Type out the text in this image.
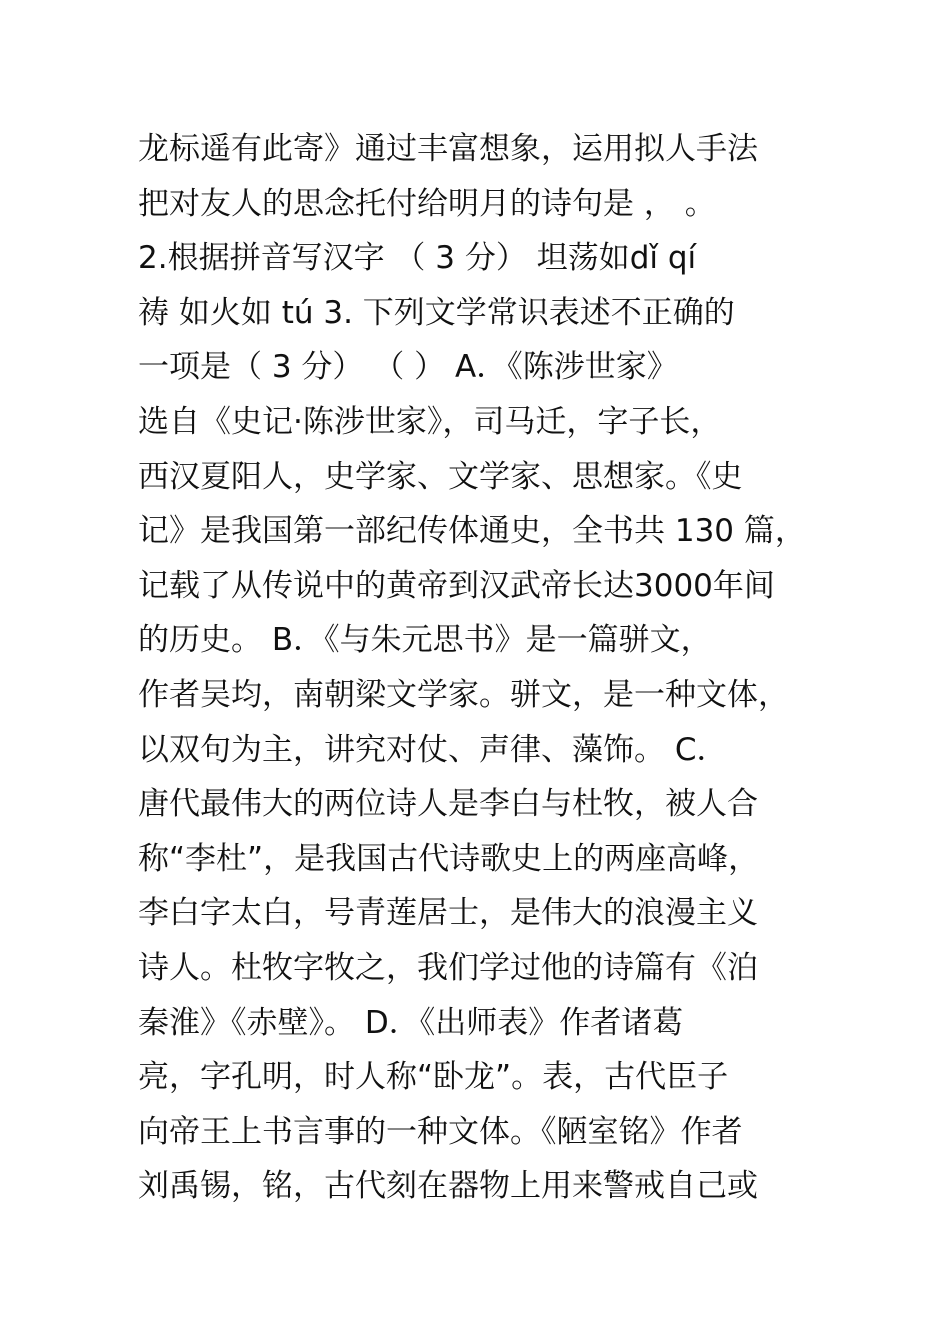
龙标遥有此寄》通过丰富想象，运用拟人手法
把对友人的思念托付给明月的诗句是 ， 。
2.根据拼音写汉字 （ 3 分） 坦荡如dǐ qí
祷 如火如 tú 3. 下列文学常识表述不正确的
一项是（ 3 分） （ ） A．《陈涉世家》
选自《史记·陈涉世家》，司马迁，字子长，
西汉夏阳人，史学家、文学家、思想家。《史
记》是我国第一部纪传体通史，全书共 130 篇，
记载了从传说中的黄帝到汉武帝长达3000年间
的历史。 B．《与朱元思书》是一篇骈文，
作者吴均，南朝梁文学家。骈文，是一种文体，
以双句为主，讲究对仗、声律、藻饰。 C．
唐代最伟大的两位诗人是李白与杜牧，被人合
称“李杜”，是我国古代诗歌史上的两座高峰，
李白字太白，号青莲居士，是伟大的浪漫主义
诗人。杜牧字牧之，我们学过他的诗篇有《泊
秦淮》《赤壁》。 D．《出师表》作者诸葛
亮，字孔明，时人称“卧龙”。表，古代臣子
向帝王上书言事的一种文体。《陋室铭》作者
刘禹锡，铭，古代刻在器物上用来警戒自己或
